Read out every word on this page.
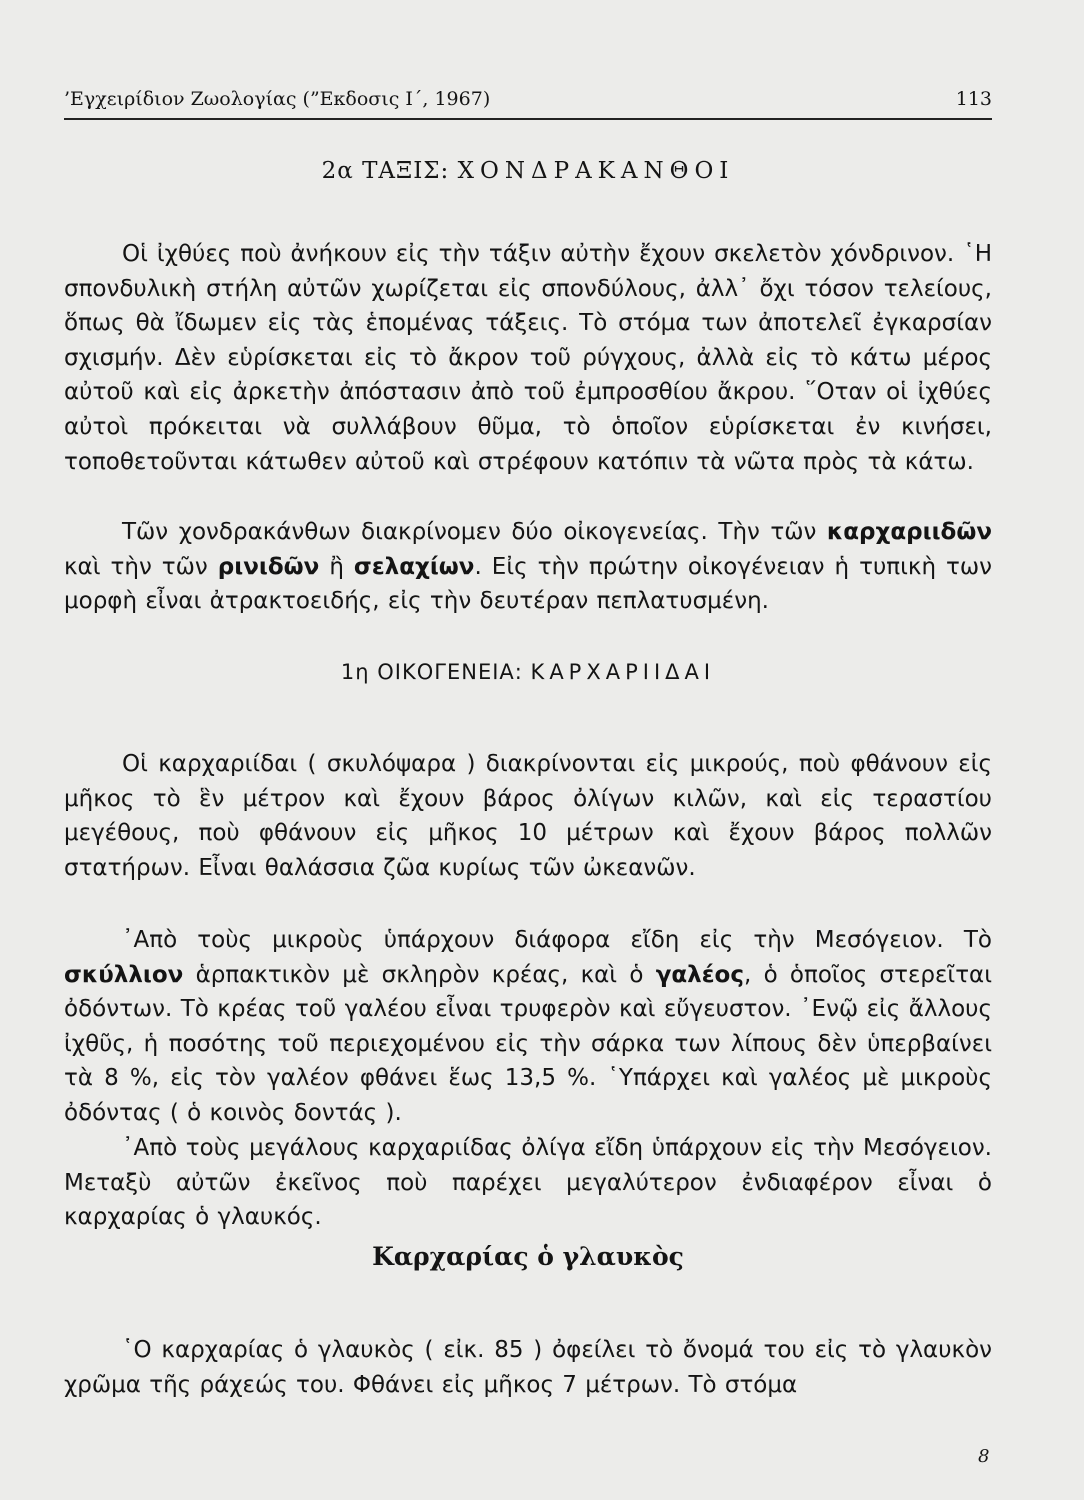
’Εγχειρίδιον Ζωολογίας (”Εκδοσις Ι΄, 1967)	113
2α ΤΑΞΙΣ: ΧΟΝΔΡΑΚΑΝΘΟΙ

Οἱ ἰχθύες ποὺ ἀνήκουν εἰς τὴν τάξιν αὐτὴν ἔχουν σκελετὸν χόνδρινον. ῾Η σπονδυλικὴ στήλη αὐτῶν χωρίζεται εἰς σπονδύλους, ἀλλ᾽ ὄχι τόσον τελείους, ὅπως θὰ ἴδωμεν εἰς τὰς ἑπομένας τάξεις. Τὸ στόμα των ἀποτελεῖ ἐγκαρσίαν σχισμήν. Δὲν εὑρίσκεται εἰς τὸ ἄκρον τοῦ ρύγχους, ἀλλὰ εἰς τὸ κάτω μέρος αὐτοῦ καὶ εἰς ἀρκετὴν ἀπόστασιν ἀπὸ τοῦ ἐμπροσθίου ἄκρου. ῞Οταν οἱ ἰχθύες αὐτοὶ πρόκειται νὰ συλλάβουν θῦμα, τὸ ὁποῖον εὑρίσκεται ἐν κινήσει, τοποθετοῦνται κάτωθεν αὐτοῦ καὶ στρέφουν κατόπιν τὰ νῶτα πρὸς τὰ κάτω.

Τῶν χονδρακάνθων διακρίνομεν δύο οἰκογενείας. Τὴν τῶν καρχαριιδῶν καὶ τὴν τῶν ρινιδῶν ἢ σελαχίων. Εἰς τὴν πρώτην οἰκογένειαν ἡ τυπικὴ των μορφὴ εἶναι ἀτρακτοειδής, εἰς τὴν δευτέραν πεπλατυσμένη.

1η ΟΙΚΟΓΕΝΕΙΑ: ΚΑΡΧΑΡΙΙΔΑΙ

Οἱ καρχαριίδαι ( σκυλόψαρα ) διακρίνονται εἰς μικρούς, ποὺ φθάνουν εἰς μῆκος τὸ ἓν μέτρον καὶ ἔχουν βάρος ὀλίγων κιλῶν, καὶ εἰς τεραστίου μεγέθους, ποὺ φθάνουν εἰς μῆκος 10 μέτρων καὶ ἔχουν βάρος πολλῶν στατήρων. Εἶναι θαλάσσια ζῶα κυρίως τῶν ὠκεανῶν.

᾽Απὸ τοὺς μικροὺς ὑπάρχουν διάφορα εἴδη εἰς τὴν Μεσόγειον. Τὸ σκύλλιον ἁρπακτικὸν μὲ σκληρὸν κρέας, καὶ ὁ γαλέος, ὁ ὁποῖος στερεῖται ὀδόντων. Τὸ κρέας τοῦ γαλέου εἶναι τρυφερὸν καὶ εὔγευστον. ᾽Ενῷ εἰς ἄλλους ἰχθῦς, ἡ ποσότης τοῦ περιεχομένου εἰς τὴν σάρκα των λίπους δὲν ὑπερβαίνει τὰ 8 %, εἰς τὸν γαλέον φθάνει ἕως 13,5 %. ῾Υπάρχει καὶ γαλέος μὲ μικροὺς ὀδόντας ( ὁ κοινὸς δοντάς ).

᾽Απὸ τοὺς μεγάλους καρχαριίδας ὀλίγα εἴδη ὑπάρχουν εἰς τὴν Μεσόγειον. Μεταξὺ αὐτῶν ἐκεῖνος ποὺ παρέχει μεγαλύτερον ἐνδιαφέρον εἶναι ὁ καρχαρίας ὁ γλαυκός.

Καρχαρίας ὁ γλαυκὸς

῾Ο καρχαρίας ὁ γλαυκὸς ( εἰκ. 85 ) ὀφείλει τὸ ὄνομά του εἰς τὸ γλαυκὸν χρῶμα τῆς ράχεώς του. Φθάνει εἰς μῆκος 7 μέτρων. Τὸ στόμα

8
